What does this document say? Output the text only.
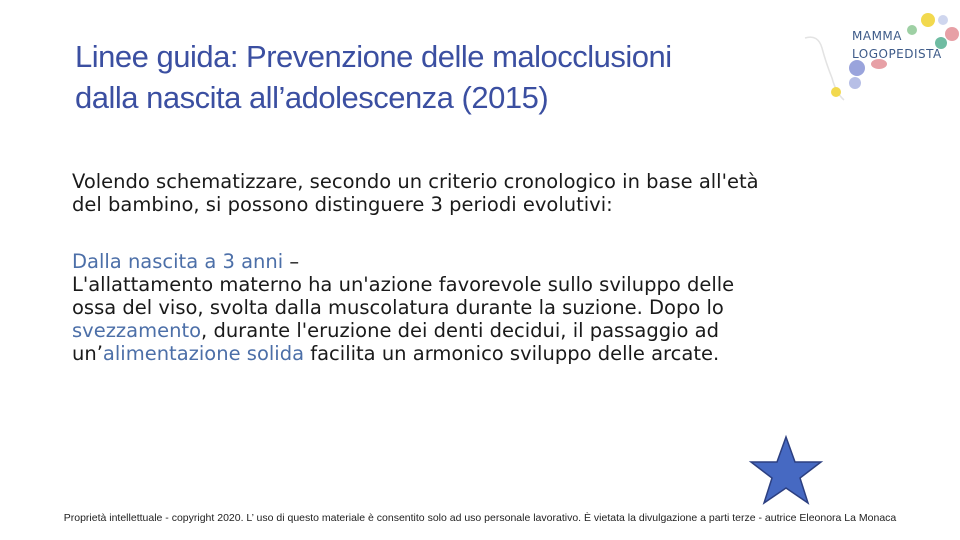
Linee guida: Prevenzione delle malocclusioni
dalla nascita all’adolescenza (2015)
MAMMA
LOGOPEDISTA

Volendo schematizzare, secondo un criterio cronologico in base all'età
del bambino, si possono distinguere 3 periodi evolutivi:

Dalla nascita a 3 anni –
L'allattamento materno ha un'azione favorevole sullo sviluppo delle
ossa del viso, svolta dalla muscolatura durante la suzione. Dopo lo
svezzamento, durante l'eruzione dei denti decidui, il passaggio ad
un’alimentazione solida facilita un armonico sviluppo delle arcate.

Proprietà intellettuale - copyright 2020. L’ uso di questo materiale è consentito solo ad uso personale lavorativo. È vietata la divulgazione a parti terze - autrice Eleonora La Monaca
